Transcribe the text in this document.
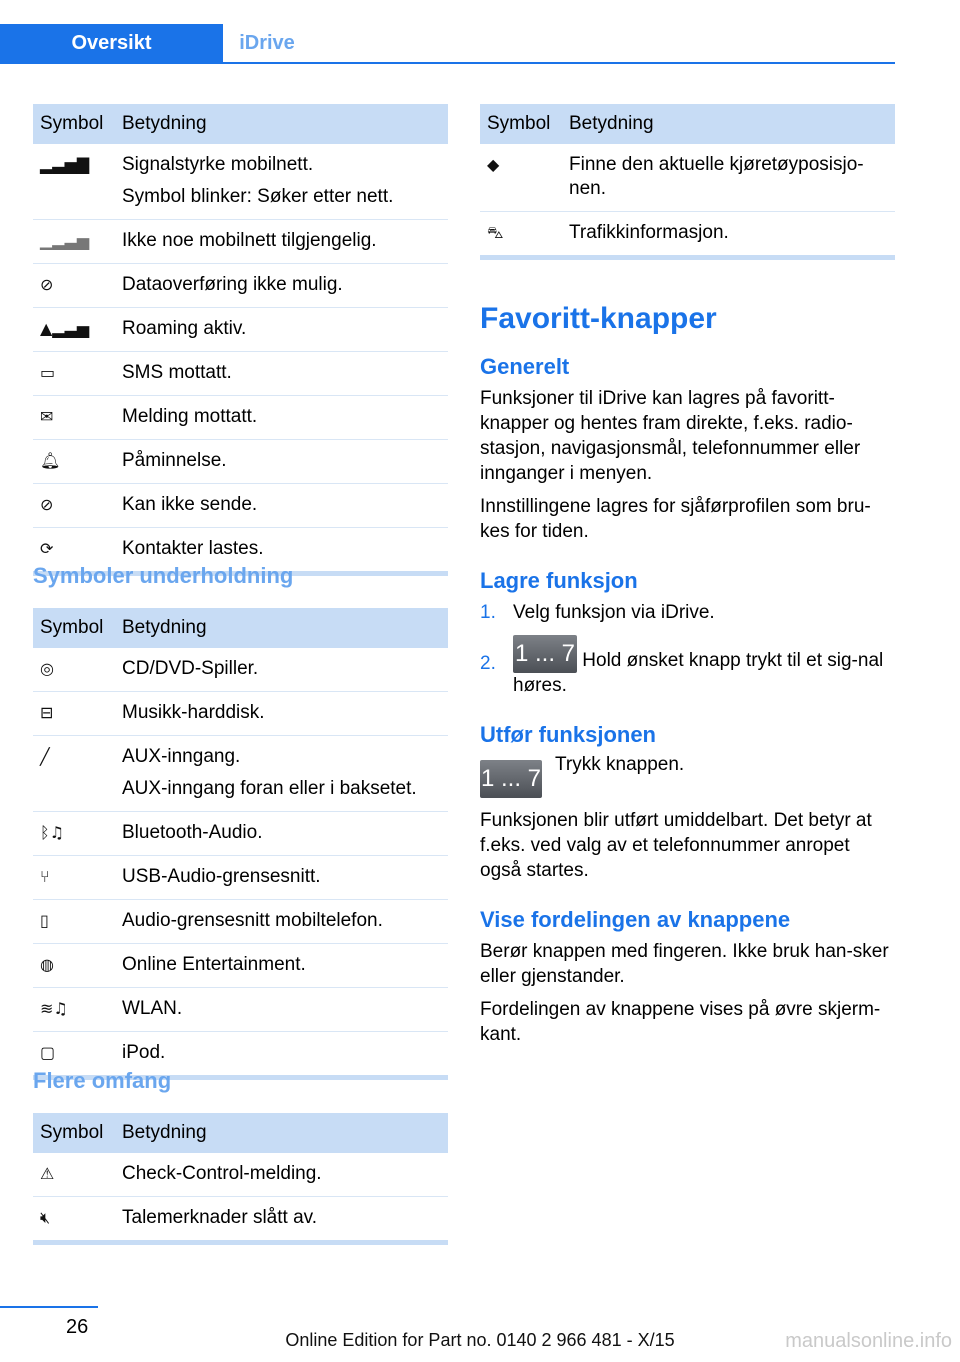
Oversikt	iDrive
Symbol	Betydning
▂▃▅▇	Signalstyrke mobilnett.

Symbol blinker: Søker etter nett.

▁▂▃▅	Ikke noe mobilnett tilgjengelig.

⊘	Dataoverføring ikke mulig.

▲▂▃▅	Roaming aktiv.

▭	SMS mottatt.

✉	Melding mottatt.

🔔︎	Påminnelse.

⊘	Kan ikke sende.

⟳	Kontakter lastes.

Symboler underholdning
Symbol	Betydning
◎	CD/DVD-Spiller.

⊟	Musikk-harddisk.

╱	AUX-inngang.

AUX-inngang foran eller i baksetet.

ᛒ♫	Bluetooth-Audio.

⑂	USB-Audio-grensesnitt.

▯	Audio-grensesnitt mobiltelefon.

◍	Online Entertainment.

≋♫	WLAN.

▢	iPod.

Flere omfang
Symbol	Betydning
⚠	Check-Control-melding.

🔇︎	Talemerknader slått av.

Symbol	Betydning
◆	Finne den aktuelle kjøretøyposisjo-nen.

⛍	Trafikkinformasjon.

Favoritt-knapper
Generelt

Funksjoner til iDrive kan lagres på favoritt-knapper og hentes fram direkte, f.eks. radio-stasjon, navigasjonsmål, telefonnummer eller innganger i menyen.

Innstillingene lagres for sjåførprofilen som bru-kes for tiden.

Lagre funksjon
1. Velg funksjon via iDrive.
2. 1 ... 7 Hold ønsket knapp trykt til et sig-nal høres.
Utfør funksjonen
1 ... 7
Trykk knappen.

Funksjonen blir utført umiddelbart. Det betyr at f.eks. ved valg av et telefonnummer anropet også startes.

Vise fordelingen av knappene

Berør knappen med fingeren. Ikke bruk han-sker eller gjenstander.

Fordelingen av knappene vises på øvre skjerm-kant.

26
Online Edition for Part no. 0140 2 966 481 - X/15	manualsonline.info
